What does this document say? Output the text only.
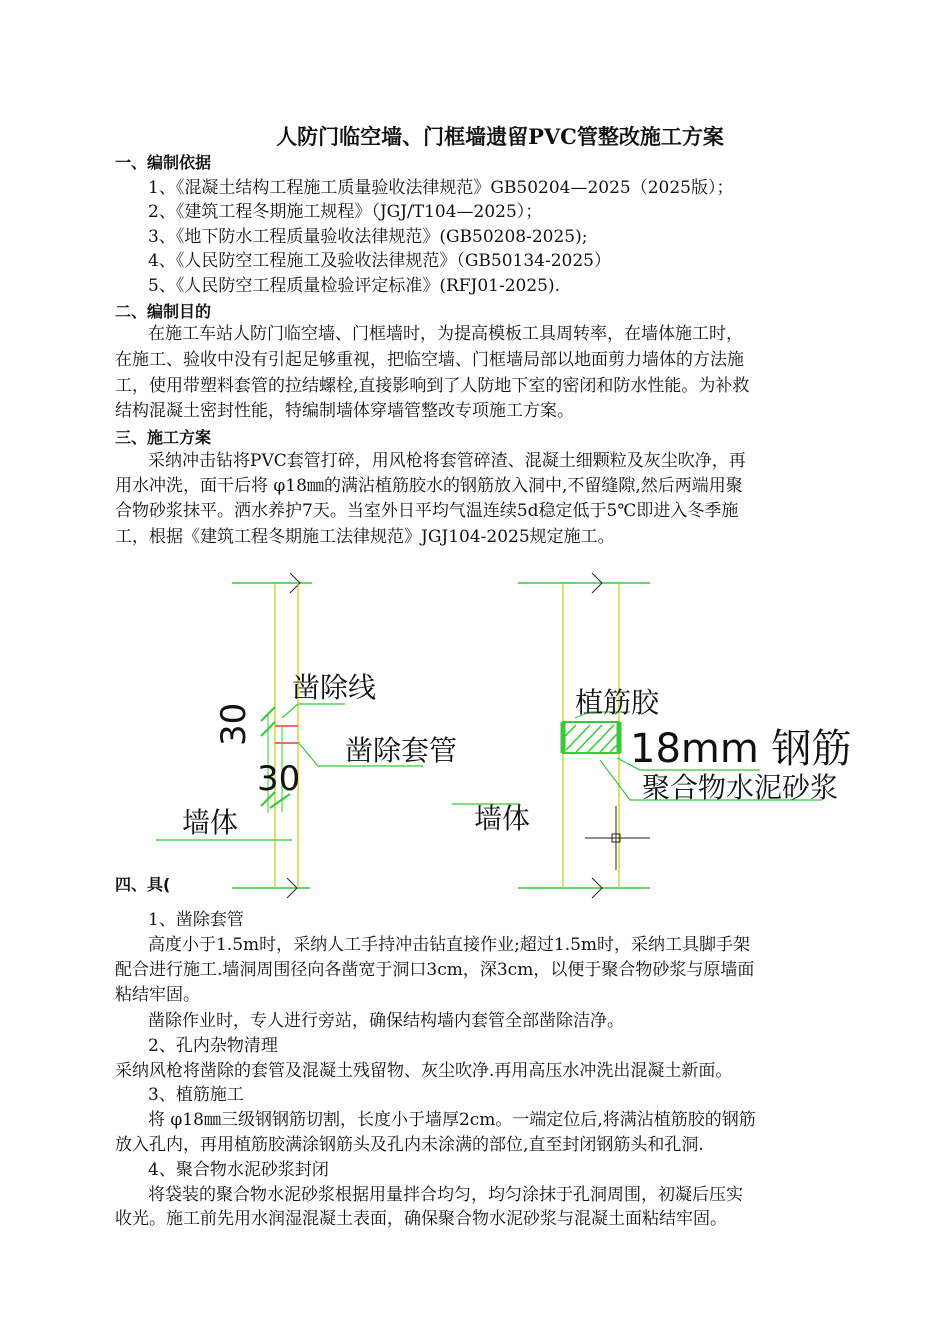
人防门临空墙、门框墙遗留PVC管整改施工方案
一、编制依据
1、《混凝土结构工程施工质量验收法律规范》GB50204—2025（2025版）；
2、《建筑工程冬期施工规程》（JGJ/T104—2025）；
3、《地下防水工程质量验收法律规范》(GB50208-2025);
4、《人民防空工程施工及验收法律规范》（GB50134-2025）
5、《人民防空工程质量检验评定标准》(RFJ01-2025).
二、编制目的
在施工车站人防门临空墙、门框墙时，为提高模板工具周转率，在墙体施工时，
在施工、验收中没有引起足够重视，把临空墙、门框墙局部以地面剪力墙体的方法施
工，使用带塑料套管的拉结螺栓,直接影响到了人防地下室的密闭和防水性能。为补救
结构混凝土密封性能，特编制墙体穿墙管整改专项施工方案。
三、施工方案
采纳冲击钻将PVC套管打碎，用风枪将套管碎渣、混凝土细颗粒及灰尘吹净，再
用水冲洗，面干后将 φ18㎜的满沾植筋胶水的钢筋放入洞中,不留缝隙,然后两端用聚
合物砂浆抹平。洒水养护7天。当室外日平均气温连续5d稳定低于5℃即进入冬季施
工，根据《建筑工程冬期施工法律规范》JGJ104-2025规定施工。
凿除线
凿除套管
30
30
墙体
植筋胶
18mm 钢筋
聚合物水泥砂浆
墙体
四、具(
1、凿除套管
高度小于1.5m时，采纳人工手持冲击钻直接作业;超过1.5m时，采纳工具脚手架
配合进行施工.墙洞周围径向各凿宽于洞口3cm，深3cm，以便于聚合物砂浆与原墙面
粘结牢固。
凿除作业时，专人进行旁站，确保结构墙内套管全部凿除洁净。
2、孔内杂物清理
采纳风枪将凿除的套管及混凝土残留物、灰尘吹净.再用高压水冲洗出混凝土新面。
3、植筋施工
将 φ18㎜三级钢钢筋切割，长度小于墙厚2cm。一端定位后,将满沾植筋胶的钢筋
放入孔内，再用植筋胶满涂钢筋头及孔内未涂满的部位,直至封闭钢筋头和孔洞.
4、聚合物水泥砂浆封闭
将袋装的聚合物水泥砂浆根据用量拌合均匀，均匀涂抹于孔洞周围，初凝后压实
收光。施工前先用水润湿混凝土表面，确保聚合物水泥砂浆与混凝土面粘结牢固。
